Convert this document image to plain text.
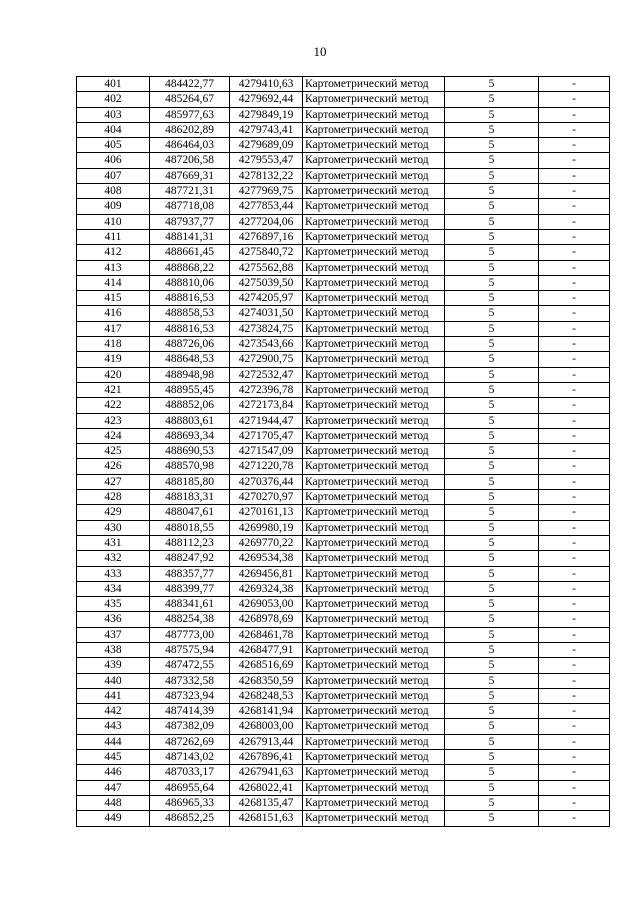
10
401	484422,77	4279410,63	Картометрический метод	5	-
402	485264,67	4279692,44	Картометрический метод	5	-
403	485977,63	4279849,19	Картометрический метод	5	-
404	486202,89	4279743,41	Картометрический метод	5	-
405	486464,03	4279689,09	Картометрический метод	5	-
406	487206,58	4279553,47	Картометрический метод	5	-
407	487669,31	4278132,22	Картометрический метод	5	-
408	487721,31	4277969,75	Картометрический метод	5	-
409	487718,08	4277853,44	Картометрический метод	5	-
410	487937,77	4277204,06	Картометрический метод	5	-
411	488141,31	4276897,16	Картометрический метод	5	-
412	488661,45	4275840,72	Картометрический метод	5	-
413	488868,22	4275562,88	Картометрический метод	5	-
414	488810,06	4275039,50	Картометрический метод	5	-
415	488816,53	4274205,97	Картометрический метод	5	-
416	488858,53	4274031,50	Картометрический метод	5	-
417	488816,53	4273824,75	Картометрический метод	5	-
418	488726,06	4273543,66	Картометрический метод	5	-
419	488648,53	4272900,75	Картометрический метод	5	-
420	488948,98	4272532,47	Картометрический метод	5	-
421	488955,45	4272396,78	Картометрический метод	5	-
422	488852,06	4272173,84	Картометрический метод	5	-
423	488803,61	4271944,47	Картометрический метод	5	-
424	488693,34	4271705,47	Картометрический метод	5	-
425	488690,53	4271547,09	Картометрический метод	5	-
426	488570,98	4271220,78	Картометрический метод	5	-
427	488185,80	4270376,44	Картометрический метод	5	-
428	488183,31	4270270,97	Картометрический метод	5	-
429	488047,61	4270161,13	Картометрический метод	5	-
430	488018,55	4269980,19	Картометрический метод	5	-
431	488112,23	4269770,22	Картометрический метод	5	-
432	488247,92	4269534,38	Картометрический метод	5	-
433	488357,77	4269456,81	Картометрический метод	5	-
434	488399,77	4269324,38	Картометрический метод	5	-
435	488341,61	4269053,00	Картометрический метод	5	-
436	488254,38	4268978,69	Картометрический метод	5	-
437	487773,00	4268461,78	Картометрический метод	5	-
438	487575,94	4268477,91	Картометрический метод	5	-
439	487472,55	4268516,69	Картометрический метод	5	-
440	487332,58	4268350,59	Картометрический метод	5	-
441	487323,94	4268248,53	Картометрический метод	5	-
442	487414,39	4268141,94	Картометрический метод	5	-
443	487382,09	4268003,00	Картометрический метод	5	-
444	487262,69	4267913,44	Картометрический метод	5	-
445	487143,02	4267896,41	Картометрический метод	5	-
446	487033,17	4267941,63	Картометрический метод	5	-
447	486955,64	4268022,41	Картометрический метод	5	-
448	486965,33	4268135,47	Картометрический метод	5	-
449	486852,25	4268151,63	Картометрический метод	5	-
